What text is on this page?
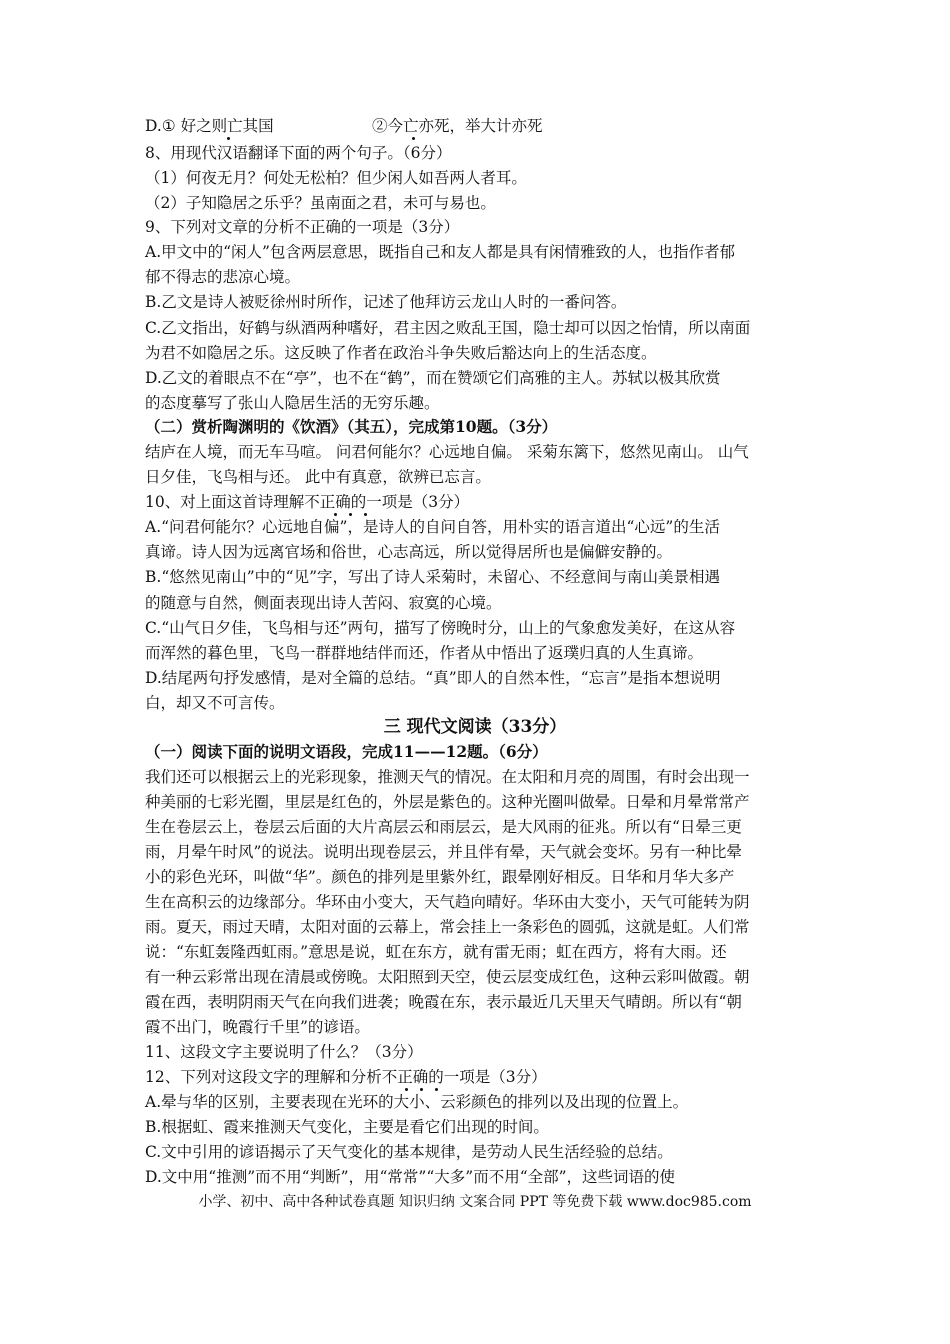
D.① 好之则亡其国	②今亡亦死，举大计亦死
8、用现代汉语翻译下面的两个句子。（6分）
（1）何夜无月？何处无松柏？但少闲人如吾两人者耳。
（2）子知隐居之乐乎？虽南面之君，未可与易也。
9、下列对文章的分析不正确的一项是（3分）
A.甲文中的“闲人”包含两层意思，既指自己和友人都是具有闲情雅致的人，也指作者郁
郁不得志的悲凉心境。
B.乙文是诗人被贬徐州时所作，记述了他拜访云龙山人时的一番问答。
C.乙文指出，好鹤与纵酒两种嗜好，君主因之败乱王国，隐士却可以因之怡情，所以南面
为君不如隐居之乐。这反映了作者在政治斗争失败后豁达向上的生活态度。
D.乙文的着眼点不在“亭”，也不在“鹤”，而在赞颂它们高雅的主人。苏轼以极其欣赏
的态度摹写了张山人隐居生活的无穷乐趣。
（二）赏析陶渊明的《饮酒》（其五），完成第10题。（3分）
结庐在人境，而无车马喧。 问君何能尔？心远地自偏。 采菊东篱下，悠然见南山。 山气
日夕佳，飞鸟相与还。 此中有真意，欲辨已忘言。
10、对上面这首诗理解不正确的一项是（3分）
A.“问君何能尔？心远地自偏”，是诗人的自问自答，用朴实的语言道出“心远”的生活
真谛。诗人因为远离官场和俗世，心志高远，所以觉得居所也是偏僻安静的。
B.“悠然见南山”中的“见”字，写出了诗人采菊时，未留心、不经意间与南山美景相遇
的随意与自然，侧面表现出诗人苦闷、寂寞的心境。
C.“山气日夕佳，飞鸟相与还”两句，描写了傍晚时分，山上的气象愈发美好，在这从容
而浑然的暮色里，飞鸟一群群地结伴而还，作者从中悟出了返璞归真的人生真谛。
D.结尾两句抒发感情，是对全篇的总结。“真”即人的自然本性，“忘言”是指本想说明
白，却又不可言传。
三 现代文阅读（33分）
（一）阅读下面的说明文语段，完成11——12题。（6分）
我们还可以根据云上的光彩现象，推测天气的情况。在太阳和月亮的周围，有时会出现一
种美丽的七彩光圈，里层是红色的，外层是紫色的。这种光圈叫做晕。日晕和月晕常常产
生在卷层云上，卷层云后面的大片高层云和雨层云，是大风雨的征兆。所以有“日晕三更
雨，月晕午时风”的说法。说明出现卷层云，并且伴有晕，天气就会变坏。另有一种比晕
小的彩色光环，叫做“华”。颜色的排列是里紫外红，跟晕刚好相反。日华和月华大多产
生在高积云的边缘部分。华环由小变大，天气趋向晴好。华环由大变小，天气可能转为阴
雨。夏天，雨过天晴，太阳对面的云幕上，常会挂上一条彩色的圆弧，这就是虹。人们常
说：“东虹轰隆西虹雨。”意思是说，虹在东方，就有雷无雨；虹在西方，将有大雨。还
有一种云彩常出现在清晨或傍晚。太阳照到天空，使云层变成红色，这种云彩叫做霞。朝
霞在西，表明阴雨天气在向我们进袭；晚霞在东，表示最近几天里天气晴朗。所以有“朝
霞不出门，晚霞行千里”的谚语。
11、这段文字主要说明了什么？（3分）
12、下列对这段文字的理解和分析不正确的一项是（3分）
A.晕与华的区别，主要表现在光环的大小、云彩颜色的排列以及出现的位置上。
B.根据虹、霞来推测天气变化，主要是看它们出现的时间。
C.文中引用的谚语揭示了天气变化的基本规律，是劳动人民生活经验的总结。
D.文中用“推测”而不用“判断”，用“常常”“大多”而不用“全部”，这些词语的使
小学、初中、高中各种试卷真题 知识归纳 文案合同 PPT 等免费下载 www.doc985.com
